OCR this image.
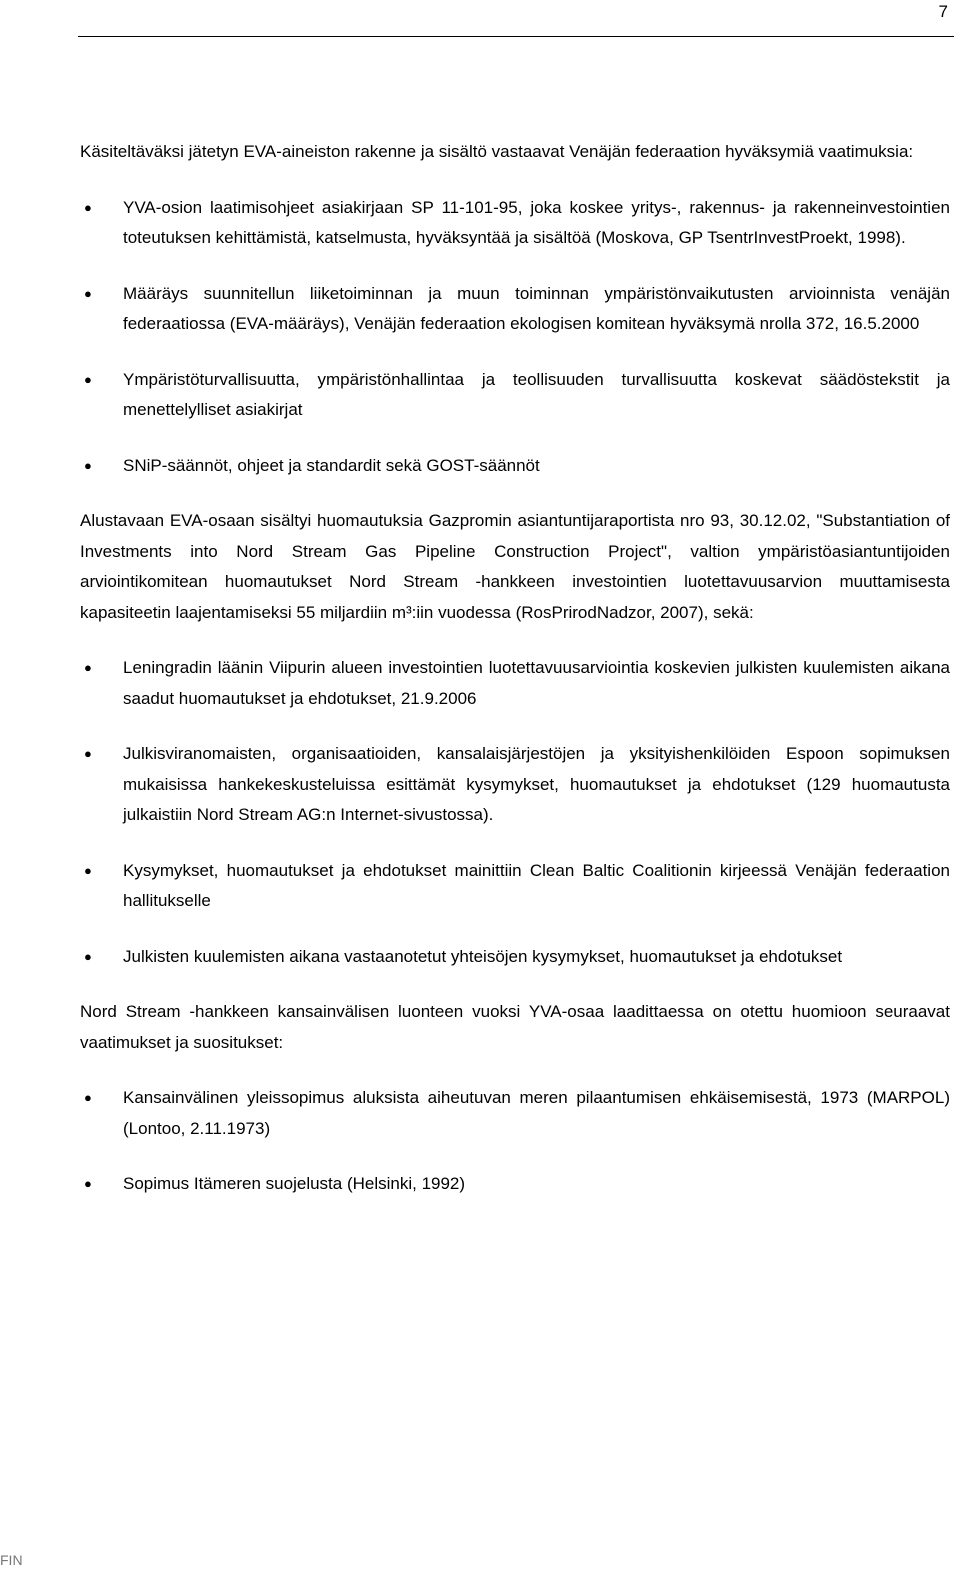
7

Käsiteltäväksi jätetyn EVA-aineiston rakenne ja sisältö vastaavat Venäjän federaation hyväksymiä vaatimuksia:

● YVA-osion laatimisohjeet asiakirjaan SP 11-101-95, joka koskee yritys-, rakennus- ja rakenneinvestointien toteutuksen kehittämistä, katselmusta, hyväksyntää ja sisältöä (Moskova, GP TsentrInvestProekt, 1998).
● Määräys suunnitellun liiketoiminnan ja muun toiminnan ympäristönvaikutusten arvioinnista venäjän federaatiossa (EVA-määräys), Venäjän federaation ekologisen komitean hyväksymä nrolla 372, 16.5.2000
● Ympäristöturvallisuutta, ympäristönhallintaa ja teollisuuden turvallisuutta koskevat säädöstekstit ja menettelylliset asiakirjat
● SNiP-säännöt, ohjeet ja standardit sekä GOST-säännöt

Alustavaan EVA-osaan sisältyi huomautuksia Gazpromin asiantuntijaraportista nro 93, 30.12.02, "Substantiation of Investments into Nord Stream Gas Pipeline Construction Project", valtion ympäristöasiantuntijoiden arviointikomitean huomautukset Nord Stream -hankkeen investointien luotettavuusarvion muuttamisesta kapasiteetin laajentamiseksi 55 miljardiin m³:iin vuodessa (RosPrirodNadzor, 2007), sekä:

● Leningradin läänin Viipurin alueen investointien luotettavuusarviointia koskevien julkisten kuulemisten aikana saadut huomautukset ja ehdotukset, 21.9.2006
● Julkisviranomaisten, organisaatioiden, kansalaisjärjestöjen ja yksityishenkilöiden Espoon sopimuksen mukaisissa hankekeskusteluissa esittämät kysymykset, huomautukset ja ehdotukset (129 huomautusta julkaistiin Nord Stream AG:n Internet-sivustossa).
● Kysymykset, huomautukset ja ehdotukset mainittiin Clean Baltic Coalitionin kirjeessä Venäjän federaation hallitukselle
● Julkisten kuulemisten aikana vastaanotetut yhteisöjen kysymykset, huomautukset ja ehdotukset

Nord Stream -hankkeen kansainvälisen luonteen vuoksi YVA-osaa laadittaessa on otettu huomioon seuraavat vaatimukset ja suositukset:

● Kansainvälinen yleissopimus aluksista aiheutuvan meren pilaantumisen ehkäisemisestä, 1973 (MARPOL) (Lontoo, 2.11.1973)
● Sopimus Itämeren suojelusta (Helsinki, 1992)
FIN
